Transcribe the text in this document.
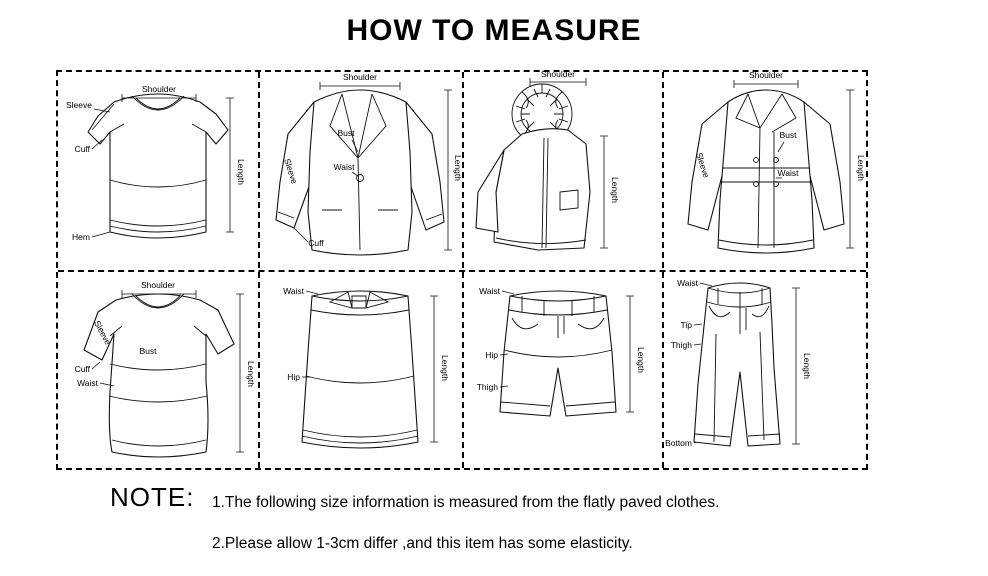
HOW TO MEASURE
Shoulder
Sleeve
Cuff
Length
Hem
Shoulder
Sleeve
Bust
Waist
Cuff
Length
Shoulder
Length
Shoulder
Sleeve
Bust
Waist	Length
Shoulder
Sleeve
Bust
Cuff
Waist	Length
Waist
Hip	Length
Waist
Hip
Thigh
Length
Waist
Tip
Thigh
Bottom
Length
NOTE: 1.The following size information is measured from the flatly paved clothes.
2.Please allow 1-3cm differ ,and this item has some elasticity.
